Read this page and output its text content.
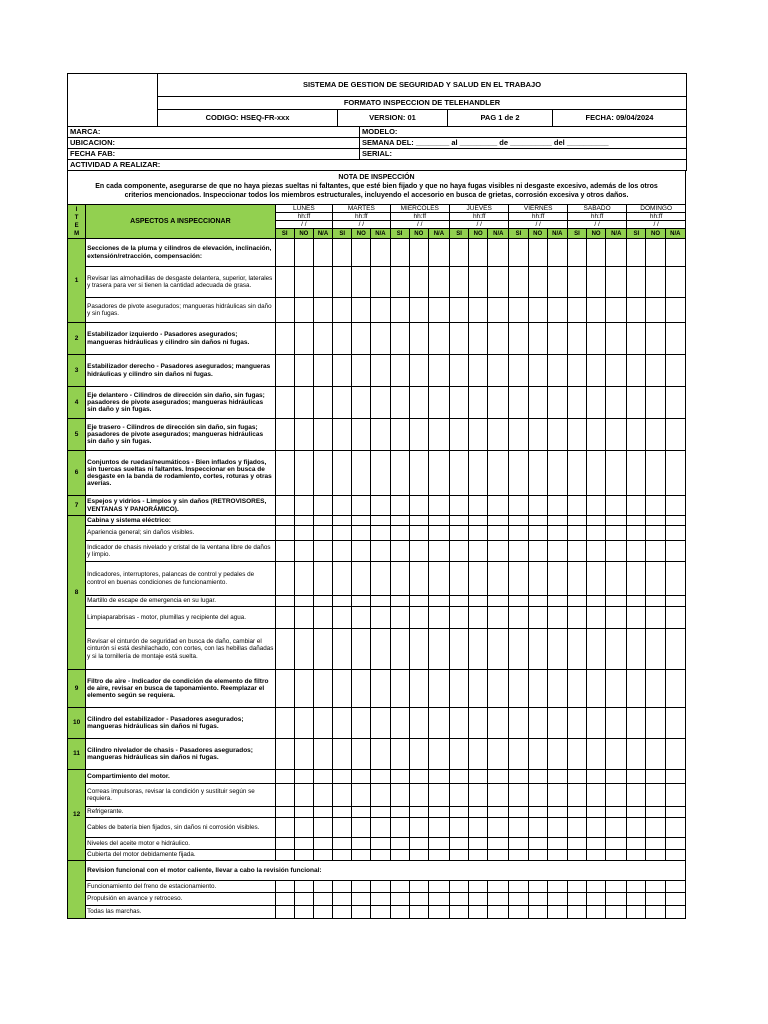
	SISTEMA DE GESTION DE SEGURIDAD Y SALUD EN EL TRABAJO			
	FORMATO INSPECCION DE TELEHANDLER			
	CODIGO: HSEQ-FR-xxx	VERSION: 01	PAG 1 de 2	FECHA: 09/04/2024
MARCA:	MODELO:
UBICACION:	SEMANA DEL: ________ al _________ de __________ del __________
FECHA FAB:	SERIAL:
ACTIVIDAD A REALIZAR:	
NOTA DE INSPECCIÓN
En cada componente, asegurarse de que no haya piezas sueltas ni faltantes, que esté bien fijado y que no haya fugas visibles ni desgaste excesivo, además de los otros criterios mencionados. Inspeccionar todos los miembros estructurales, incluyendo el accesorio en busca de grietas, corrosión excesiva y otros daños.
I
T
E
M	ASPECTOS A INSPECCIONAR	LUNES			MARTES			MIERCOLES			JUEVES			VIERNES			SABADO			DOMINGO		
		hh:ff			hh:ff			hh:ff			hh:ff			hh:ff			hh:ff			hh:ff		
		/ /			/ /			/ /			/ /			/ /			/ /			/ /		
		SI	NO	N/A	SI	NO	N/A	SI	NO	N/A	SI	NO	N/A	SI	NO	N/A	SI	NO	N/A	SI	NO	N/A
1	Secciones de la pluma y cilindros de elevación, inclinación, extensión/retracción, compensación:																					
	Revisar las almohadillas de desgaste delantera, superior, laterales y trasera para ver si tienen la cantidad adecuada de grasa.																					
	Pasadores de pivote asegurados; mangueras hidráulicas sin daño y sin fugas.																					
2	Estabilizador izquierdo - Pasadores asegurados; mangueras hidráulicas y cilindro sin daños ni fugas.																					
3	Estabilizador derecho - Pasadores asegurados; mangueras hidráulicas y cilindro sin daños ni fugas.																					
4	Eje delantero - Cilindros de dirección sin daño, sin fugas; pasadores de pivote asegurados; mangueras hidráulicas sin daño y sin fugas.																					
5	Eje trasero - Cilindros de dirección sin daño, sin fugas; pasadores de pivote asegurados; mangueras hidráulicas sin daño y sin fugas.																					
6	Conjuntos de ruedas/neumáticos - Bien inflados y fijados, sin tuercas sueltas ni faltantes. Inspeccionar en busca de desgaste en la banda de rodamiento, cortes, roturas y otras averías.																					
7	Espejos y vidrios - Limpios y sin daños (RETROVISORES, VENTANAS Y PANORÁMICO).																					
8	Cabina y sistema eléctrico:																					
	Apariencia general; sin daños visibles.																					
	Indicador de chasis nivelado y cristal de la ventana libre de daños y limpio.																					
	Indicadores, interruptores, palancas de control y pedales de control en buenas condiciones de funcionamiento.																					
	Martillo de escape de emergencia en su lugar.																					
	Limpiaparabrisas - motor, plumillas y recipiente del agua.																					
	Revisar el cinturón de seguridad en busca de daño, cambiar el cinturón si está deshilachado, con cortes, con las hebillas dañadas y si la tornillería de montaje está suelta.																					
9	Filtro de aire - Indicador de condición de elemento de filtro de aire, revisar en busca de taponamiento. Reemplazar el elemento según se requiera.																					
10	Cilindro del estabilizador - Pasadores asegurados; mangueras hidráulicas sin daños ni fugas.																					
11	Cilindro nivelador de chasis - Pasadores asegurados; mangueras hidráulicas sin daños ni fugas.																					
12	Compartimiento del motor.																					
	Correas impulsoras, revisar la condición y sustituir según se requiera.																					
	Refrigerante.																					
	Cables de batería bien fijados, sin daños ni corrosión visibles.																					
	Niveles del aceite motor e hidráulico.																					
	Cubierta del motor debidamente fijada.																					
	Revision funcional con el motor caliente, llevar a cabo la revisión funcional:																					
	Funcionamiento del freno de estacionamiento.																					
	Propulsión en avance y retroceso.																					
	Todas las marchas.																					
